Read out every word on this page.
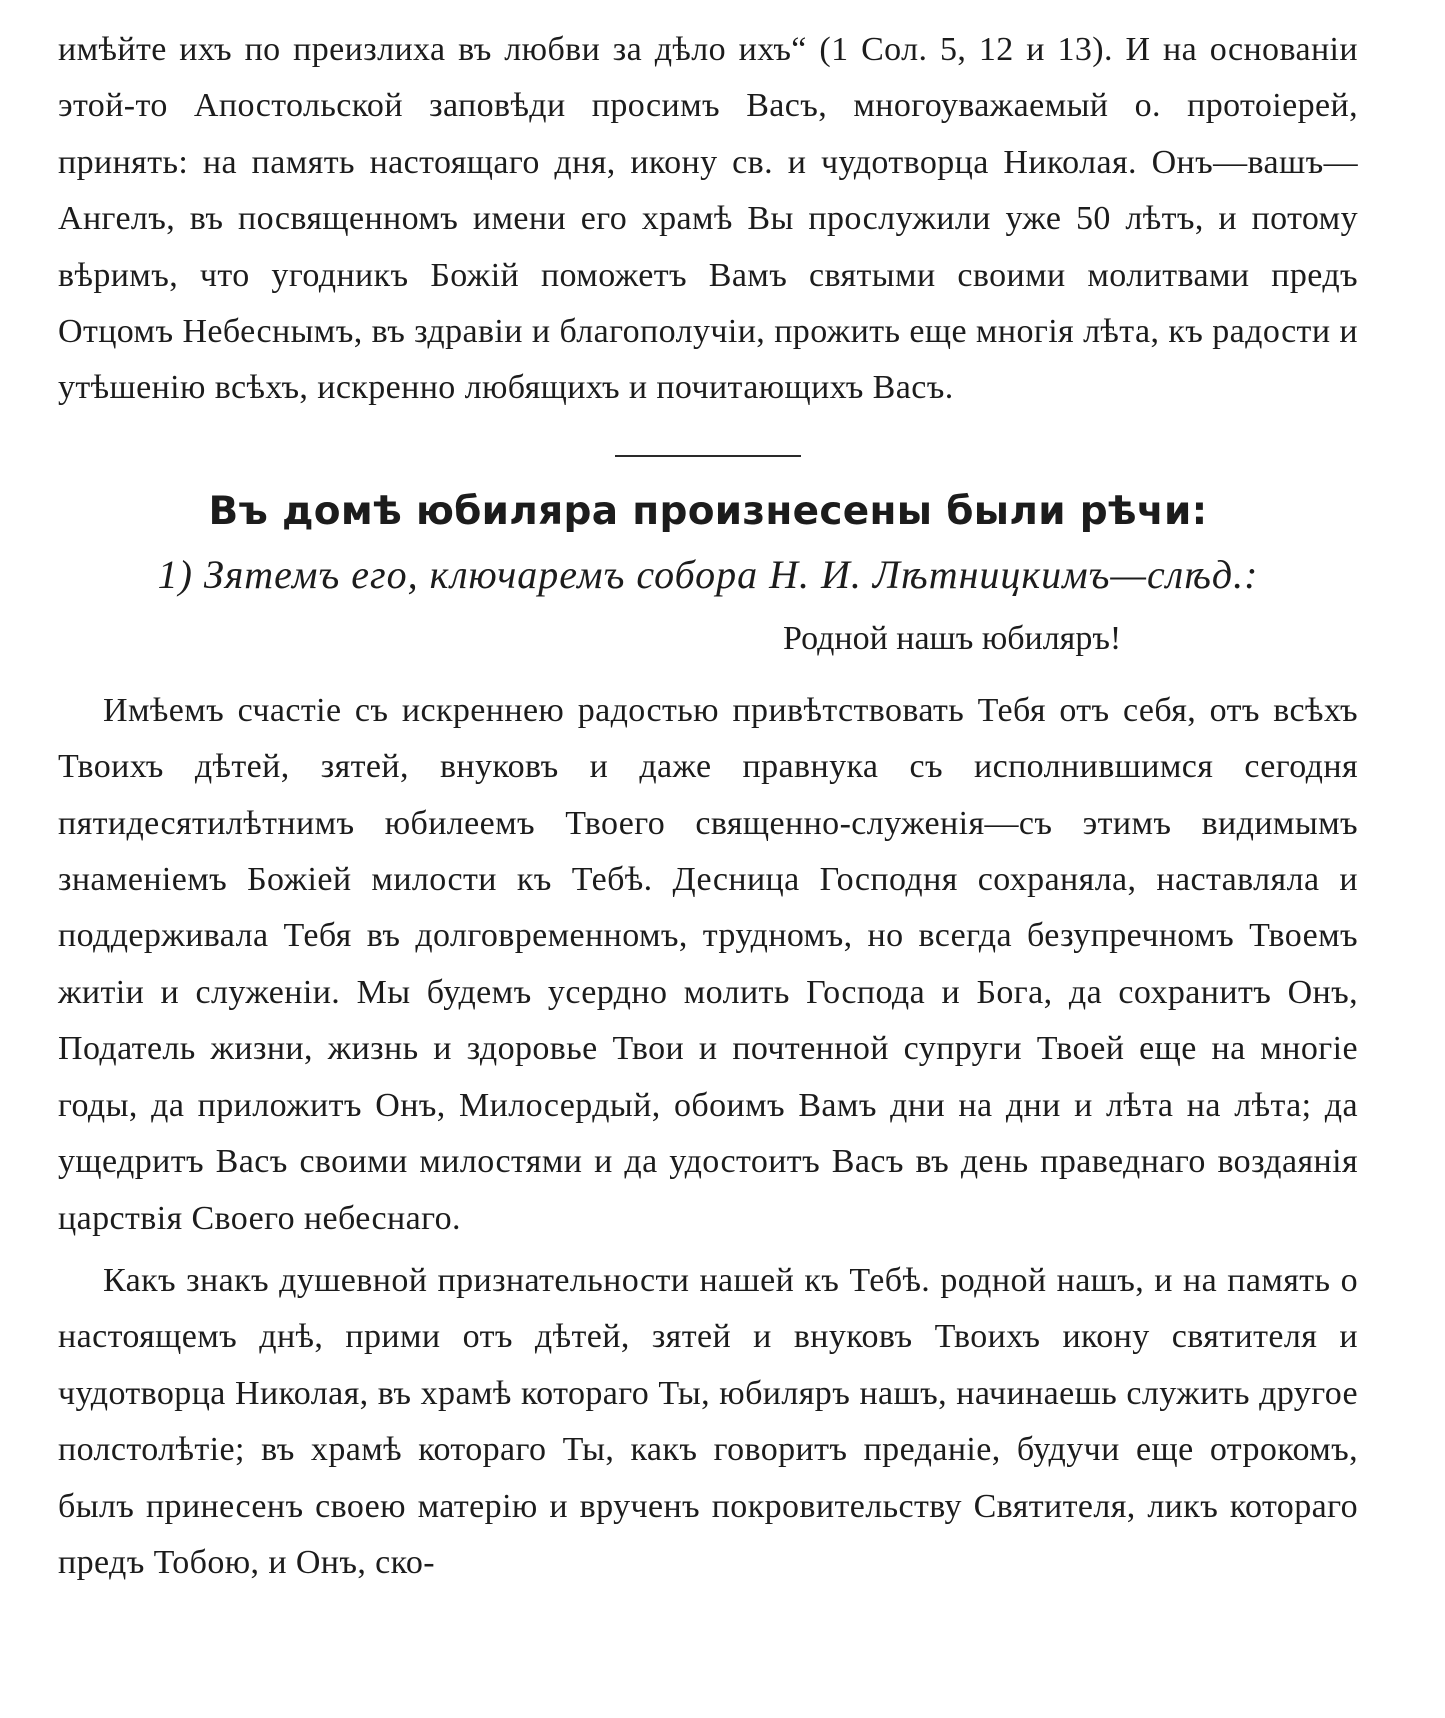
имѣйте ихъ по преизлиха въ любви за дѣло ихъ“ (1 Сол. 5, 12 и 13). И на основаніи этой-то Апостольской заповѣди просимъ Васъ, многоуважаемый о. протоіерей, принять: на память настоящаго дня, икону св. и чудотворца Николая. Онъ—вашъ—Ангелъ, въ посвященномъ имени его храмѣ Вы прослужили уже 50 лѣтъ, и потому вѣримъ, что угодникъ Божій поможетъ Вамъ святыми своими молитвами предъ Отцомъ Небеснымъ, въ здравіи и благополучіи, прожить еще многія лѣта, къ радости и утѣшенію всѣхъ, искренно любящихъ и почитающихъ Васъ.

Въ домѣ юбиляра произнесены были рѣчи:
1) Зятемъ его, ключаремъ собора Н. И. Лѣтницкимъ—слѣд.:
Родной нашъ юбиляръ!

Имѣемъ счастіе съ искреннею радостью привѣтствовать Тебя отъ себя, отъ всѣхъ Твоихъ дѣтей, зятей, внуковъ и даже правнука съ исполнившимся сегодня пятидесятилѣтнимъ юбилеемъ Твоего священно-служенія—съ этимъ видимымъ знаменіемъ Божіей милости къ Тебѣ. Десница Господня сохраняла, наставляла и поддерживала Тебя въ долговременномъ, трудномъ, но всегда безупречномъ Твоемъ житіи и служеніи. Мы будемъ усердно молить Господа и Бога, да сохранитъ Онъ, Податель жизни, жизнь и здоровье Твои и почтенной супруги Твоей еще на многіе годы, да приложитъ Онъ, Милосердый, обоимъ Вамъ дни на дни и лѣта на лѣта; да ущедритъ Васъ своими милостями и да удостоитъ Васъ въ день праведнаго воздаянія царствія Своего небеснаго.

Какъ знакъ душевной признательности нашей къ Тебѣ. родной нашъ, и на память о настоящемъ днѣ, прими отъ дѣтей, зятей и внуковъ Твоихъ икону святителя и чудотворца Николая, въ храмѣ котораго Ты, юбиляръ нашъ, начинаешь служить другое полстолѣтіе; въ храмѣ котораго Ты, какъ говоритъ преданіе, будучи еще отрокомъ, былъ принесенъ своею матерію и врученъ покровительству Святителя, ликъ котораго предъ Тобою, и Онъ, ско-
